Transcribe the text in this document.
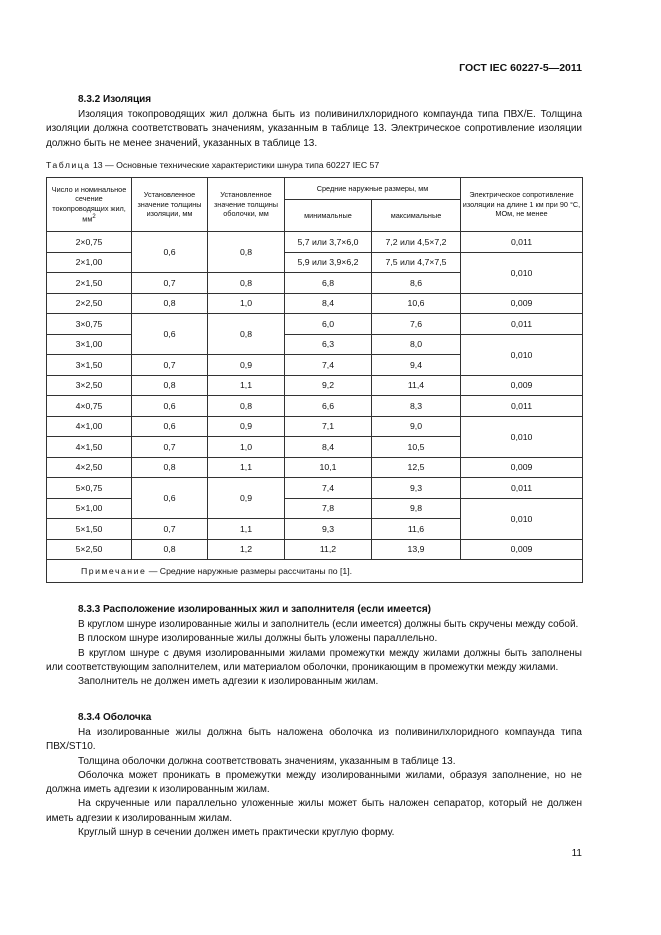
ГОСТ IEC 60227-5—2011
8.3.2 Изоляция

Изоляция токопроводящих жил должна быть из поливинилхлоридного компаунда типа ПВХ/Е. Толщина изоляции должна соответствовать значениям, указанным в таблице 13. Электрическое сопротивление изоляции должно быть не менее значений, указанных в таблице 13.

Таблица 13 — Основные технические характеристики шнура типа 60227 IEC 57
Число и номинальное сечение токопроводящих жил, $мм^2$	Установленное значение толщины изоляции, мм	Установленное значение толщины оболочки, мм	Средние наружные размеры, мм		Электрическое сопротивление изоляции на длине 1 км при 90 °С, МОм, не менее
			минимальные	максимальные	
2×0,75	0,6	0,8	5,7 или 3,7×6,0	7,2 или 4,5×7,2	0,011
2×1,00			5,9 или 3,9×6,2	7,5 или 4,7×7,5	0,010
2×1,50	0,7	0,8	6,8	8,6	
2×2,50	0,8	1,0	8,4	10,6	0,009
3×0,75	0,6	0,8	6,0	7,6	0,011
3×1,00			6,3	8,0	0,010
3×1,50	0,7	0,9	7,4	9,4	
3×2,50	0,8	1,1	9,2	11,4	0,009
4×0,75	0,6	0,8	6,6	8,3	0,011
4×1,00	0,6	0,9	7,1	9,0	0,010
4×1,50	0,7	1,0	8,4	10,5	
4×2,50	0,8	1,1	10,1	12,5	0,009
5×0,75	0,6	0,9	7,4	9,3	0,011
5×1,00			7,8	9,8	0,010
5×1,50	0,7	1,1	9,3	11,6	
5×2,50	0,8	1,2	11,2	13,9	0,009
Примечание — Средние наружные размеры рассчитаны по [1].					
8.3.3 Расположение изолированных жил и заполнителя (если имеется)

В круглом шнуре изолированные жилы и заполнитель (если имеется) должны быть скручены между собой.

В плоском шнуре изолированные жилы должны быть уложены параллельно.

В круглом шнуре с двумя изолированными жилами промежутки между жилами должны быть заполнены или соответствующим заполнителем, или материалом оболочки, проникающим в промежутки между жилами.

Заполнитель не должен иметь адгезии к изолированным жилам.

8.3.4 Оболочка

На изолированные жилы должна быть наложена оболочка из поливинилхлоридного компаунда типа ПВХ/ST10.

Толщина оболочки должна соответствовать значениям, указанным в таблице 13.

Оболочка может проникать в промежутки между изолированными жилами, образуя заполнение, но не должна иметь адгезии к изолированным жилам.

На скрученные или параллельно уложенные жилы может быть наложен сепаратор, который не должен иметь адгезии к изолированным жилам.

Круглый шнур в сечении должен иметь практически круглую форму.

11
